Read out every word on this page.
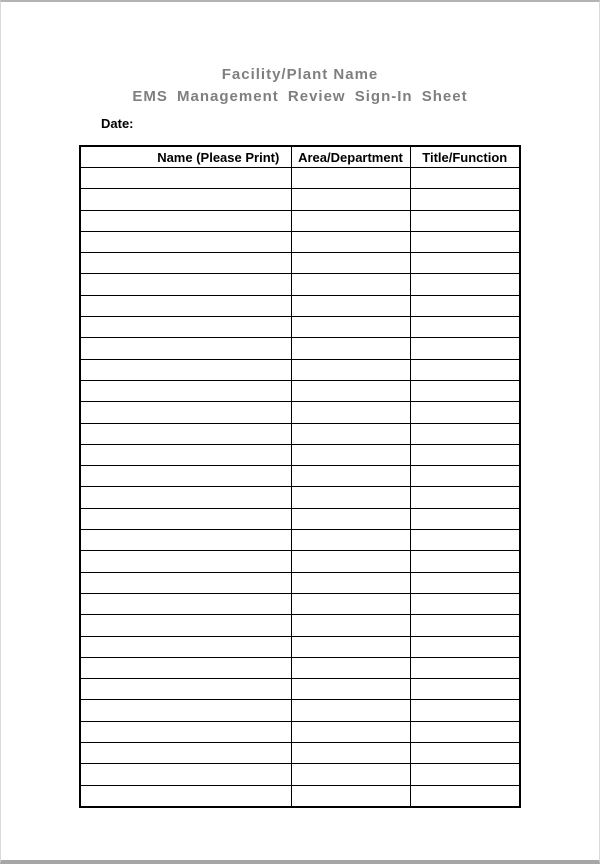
Facility/Plant Name
EMS Management Review Sign-In Sheet
Date:
Name (Please Print)	Area/Department	Title/Function
